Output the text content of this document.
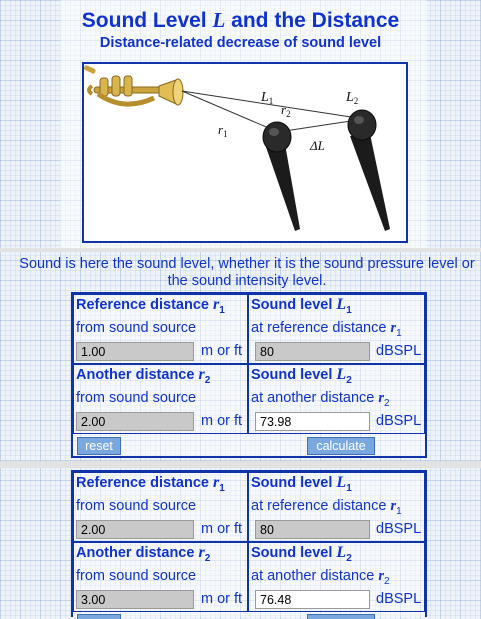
Sound Level L and the Distance
Distance-related decrease of sound level
$L_1$
$r_2$
$L_2$
$r_1$
ΔL
Sound is here the sound level, whether it is the sound pressure level or the sound intensity level.
Reference distance $r_1$
from sound source
1.00	m or ft
Sound level $L_1$
at reference distance $r_1$
80	dBSPL
Another distance $r_2$
from sound source
2.00	m or ft
Sound level $L_2$
at another distance $r_2$
73.98	dBSPL
reset	calculate
Reference distance $r_1$
from sound source
2.00	m or ft
Sound level $L_1$
at reference distance $r_1$
80	dBSPL
Another distance $r_2$
from sound source
3.00	m or ft
Sound level $L_2$
at another distance $r_2$
76.48	dBSPL
